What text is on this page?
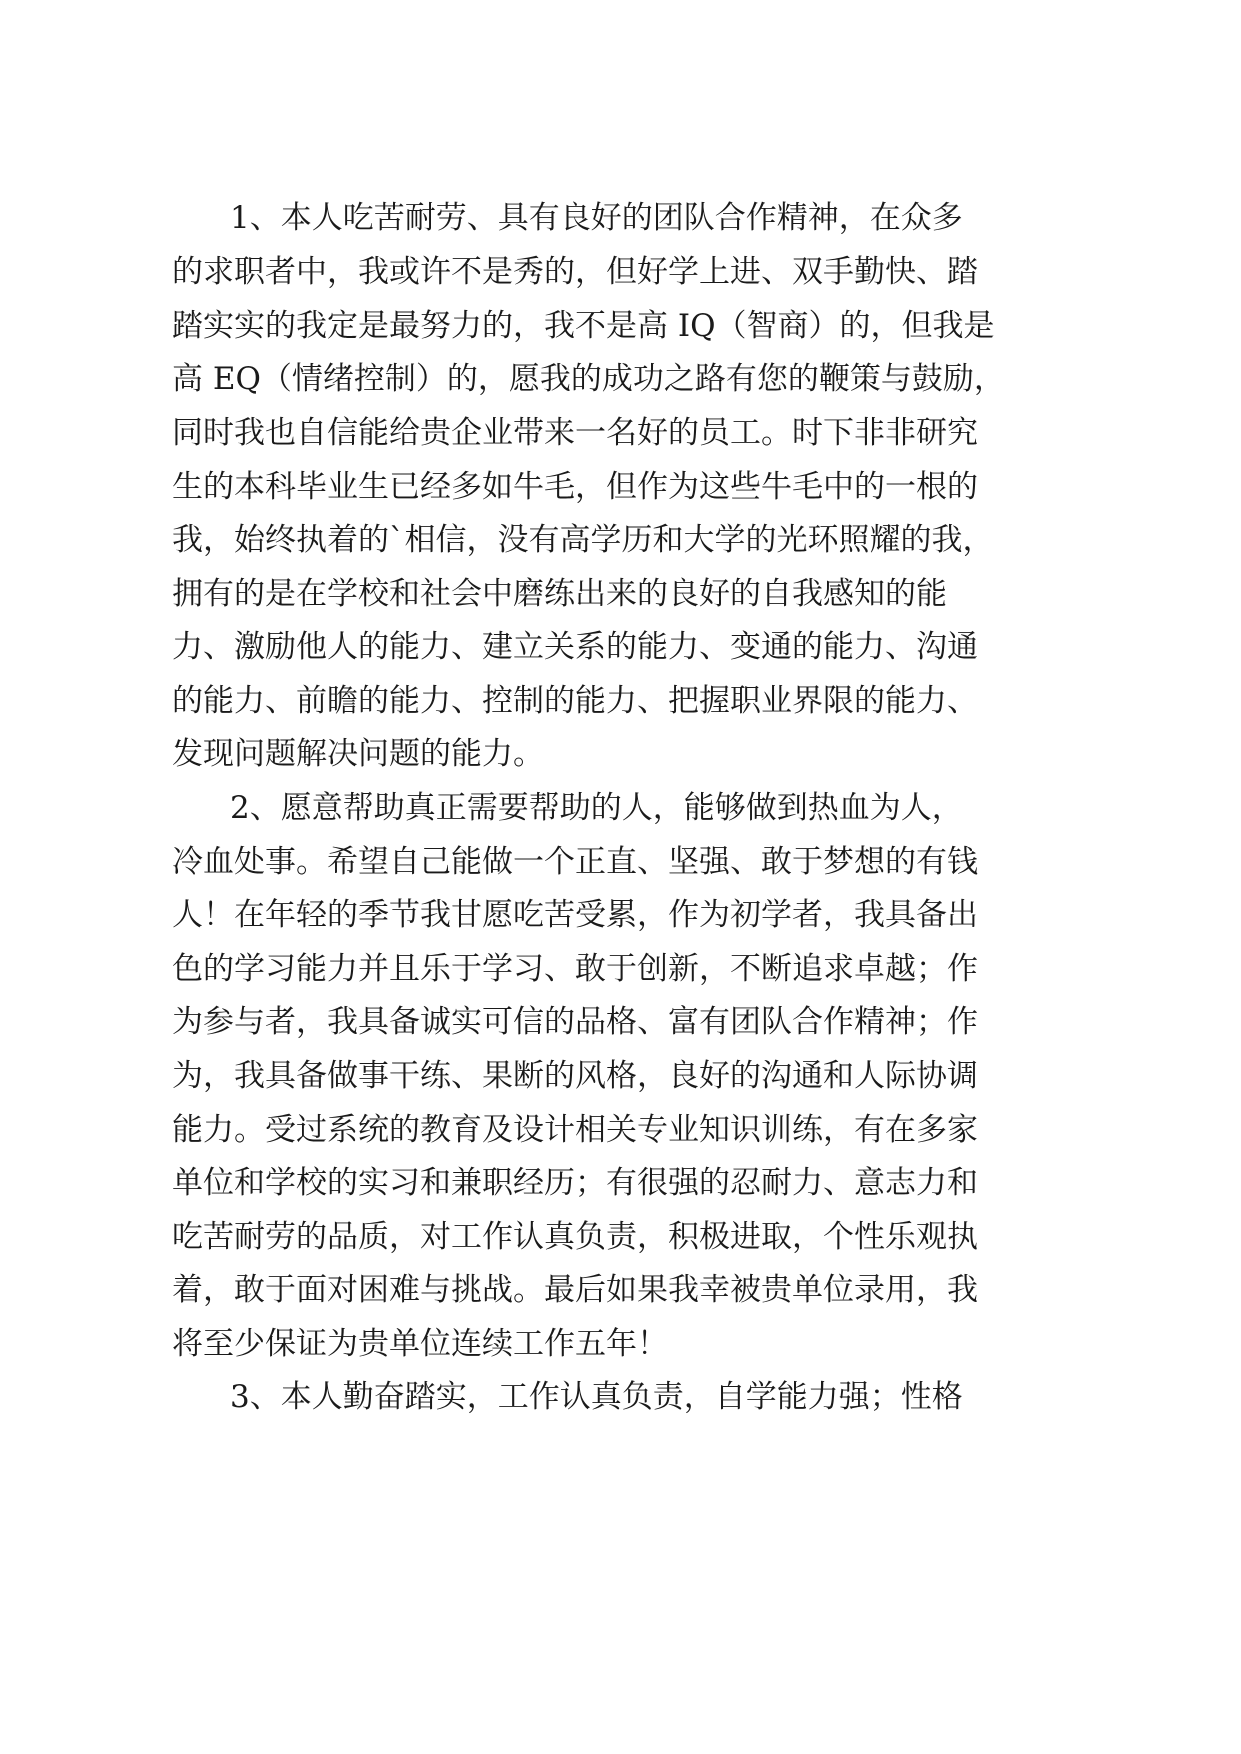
1、本人吃苦耐劳、具有良好的团队合作精神，在众多
的求职者中，我或许不是秀的，但好学上进、双手勤快、踏
踏实实的我定是最努力的，我不是高 IQ（智商）的，但我是
高 EQ（情绪控制）的，愿我的成功之路有您的鞭策与鼓励，
同时我也自信能给贵企业带来一名好的员工。时下非非研究
生的本科毕业生已经多如牛毛，但作为这些牛毛中的一根的
我，始终执着的`相信，没有高学历和大学的光环照耀的我，
拥有的是在学校和社会中磨练出来的良好的自我感知的能
力、激励他人的能力、建立关系的能力、变通的能力、沟通
的能力、前瞻的能力、控制的能力、把握职业界限的能力、
发现问题解决问题的能力。
2、愿意帮助真正需要帮助的人，能够做到热血为人，
冷血处事。希望自己能做一个正直、坚强、敢于梦想的有钱
人！在年轻的季节我甘愿吃苦受累，作为初学者，我具备出
色的学习能力并且乐于学习、敢于创新，不断追求卓越；作
为参与者，我具备诚实可信的品格、富有团队合作精神；作
为，我具备做事干练、果断的风格，良好的沟通和人际协调
能力。受过系统的教育及设计相关专业知识训练，有在多家
单位和学校的实习和兼职经历；有很强的忍耐力、意志力和
吃苦耐劳的品质，对工作认真负责，积极进取，个性乐观执
着，敢于面对困难与挑战。最后如果我幸被贵单位录用，我
将至少保证为贵单位连续工作五年！
3、本人勤奋踏实，工作认真负责，自学能力强；性格
